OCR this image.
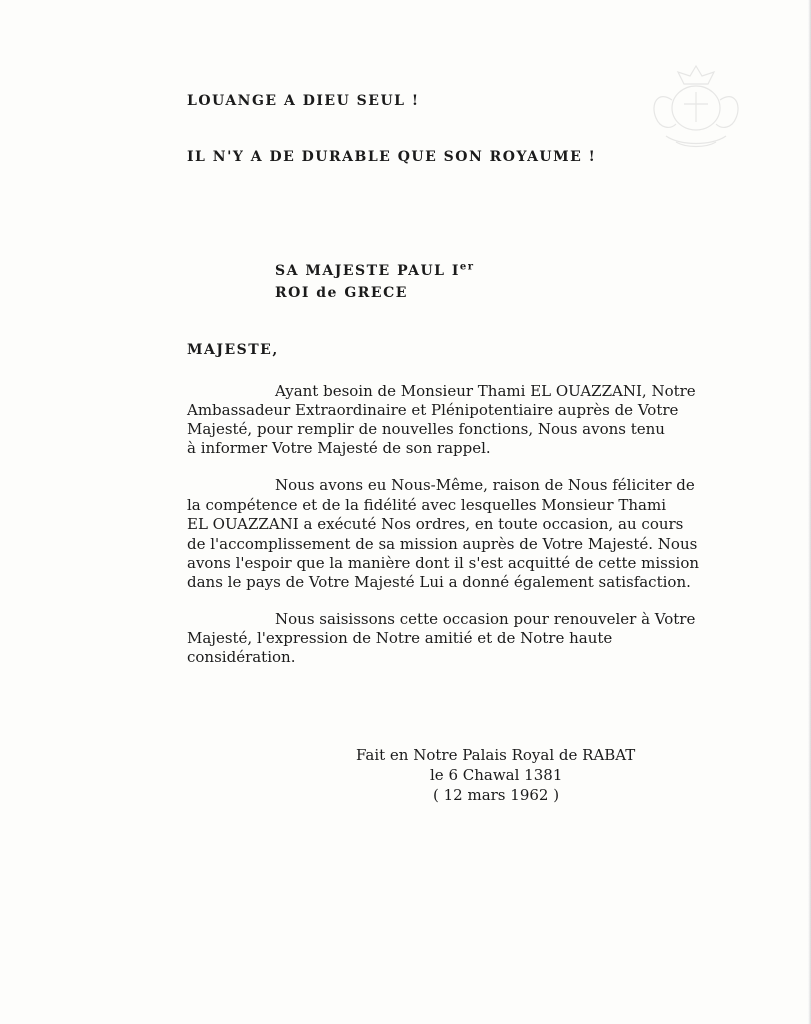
LOUANGE A DIEU SEUL !
IL N'Y A DE DURABLE QUE SON ROYAUME !
SA MAJESTE PAUL Ier
ROI de GRECE
MAJESTE,
Ayant besoin de Monsieur Thami EL OUAZZANI, Notre
Ambassadeur Extraordinaire et Plénipotentiaire auprès de Votre
Majesté, pour remplir de nouvelles fonctions, Nous avons tenu
à informer Votre Majesté de son rappel.
Nous avons eu Nous-Même, raison de Nous féliciter de
la compétence et de la fidélité avec lesquelles Monsieur Thami
EL OUAZZANI a exécuté Nos ordres, en toute occasion, au cours
de l'accomplissement de sa mission auprès de Votre Majesté. Nous
avons l'espoir que la manière dont il s'est acquitté de cette mission
dans le pays de Votre Majesté Lui a donné également satisfaction.
Nous saisissons cette occasion pour renouveler à Votre
Majesté, l'expression de Notre amitié et de Notre haute
considération.
Fait en Notre Palais Royal de RABAT
le 6 Chawal 1381
( 12 mars 1962 )
